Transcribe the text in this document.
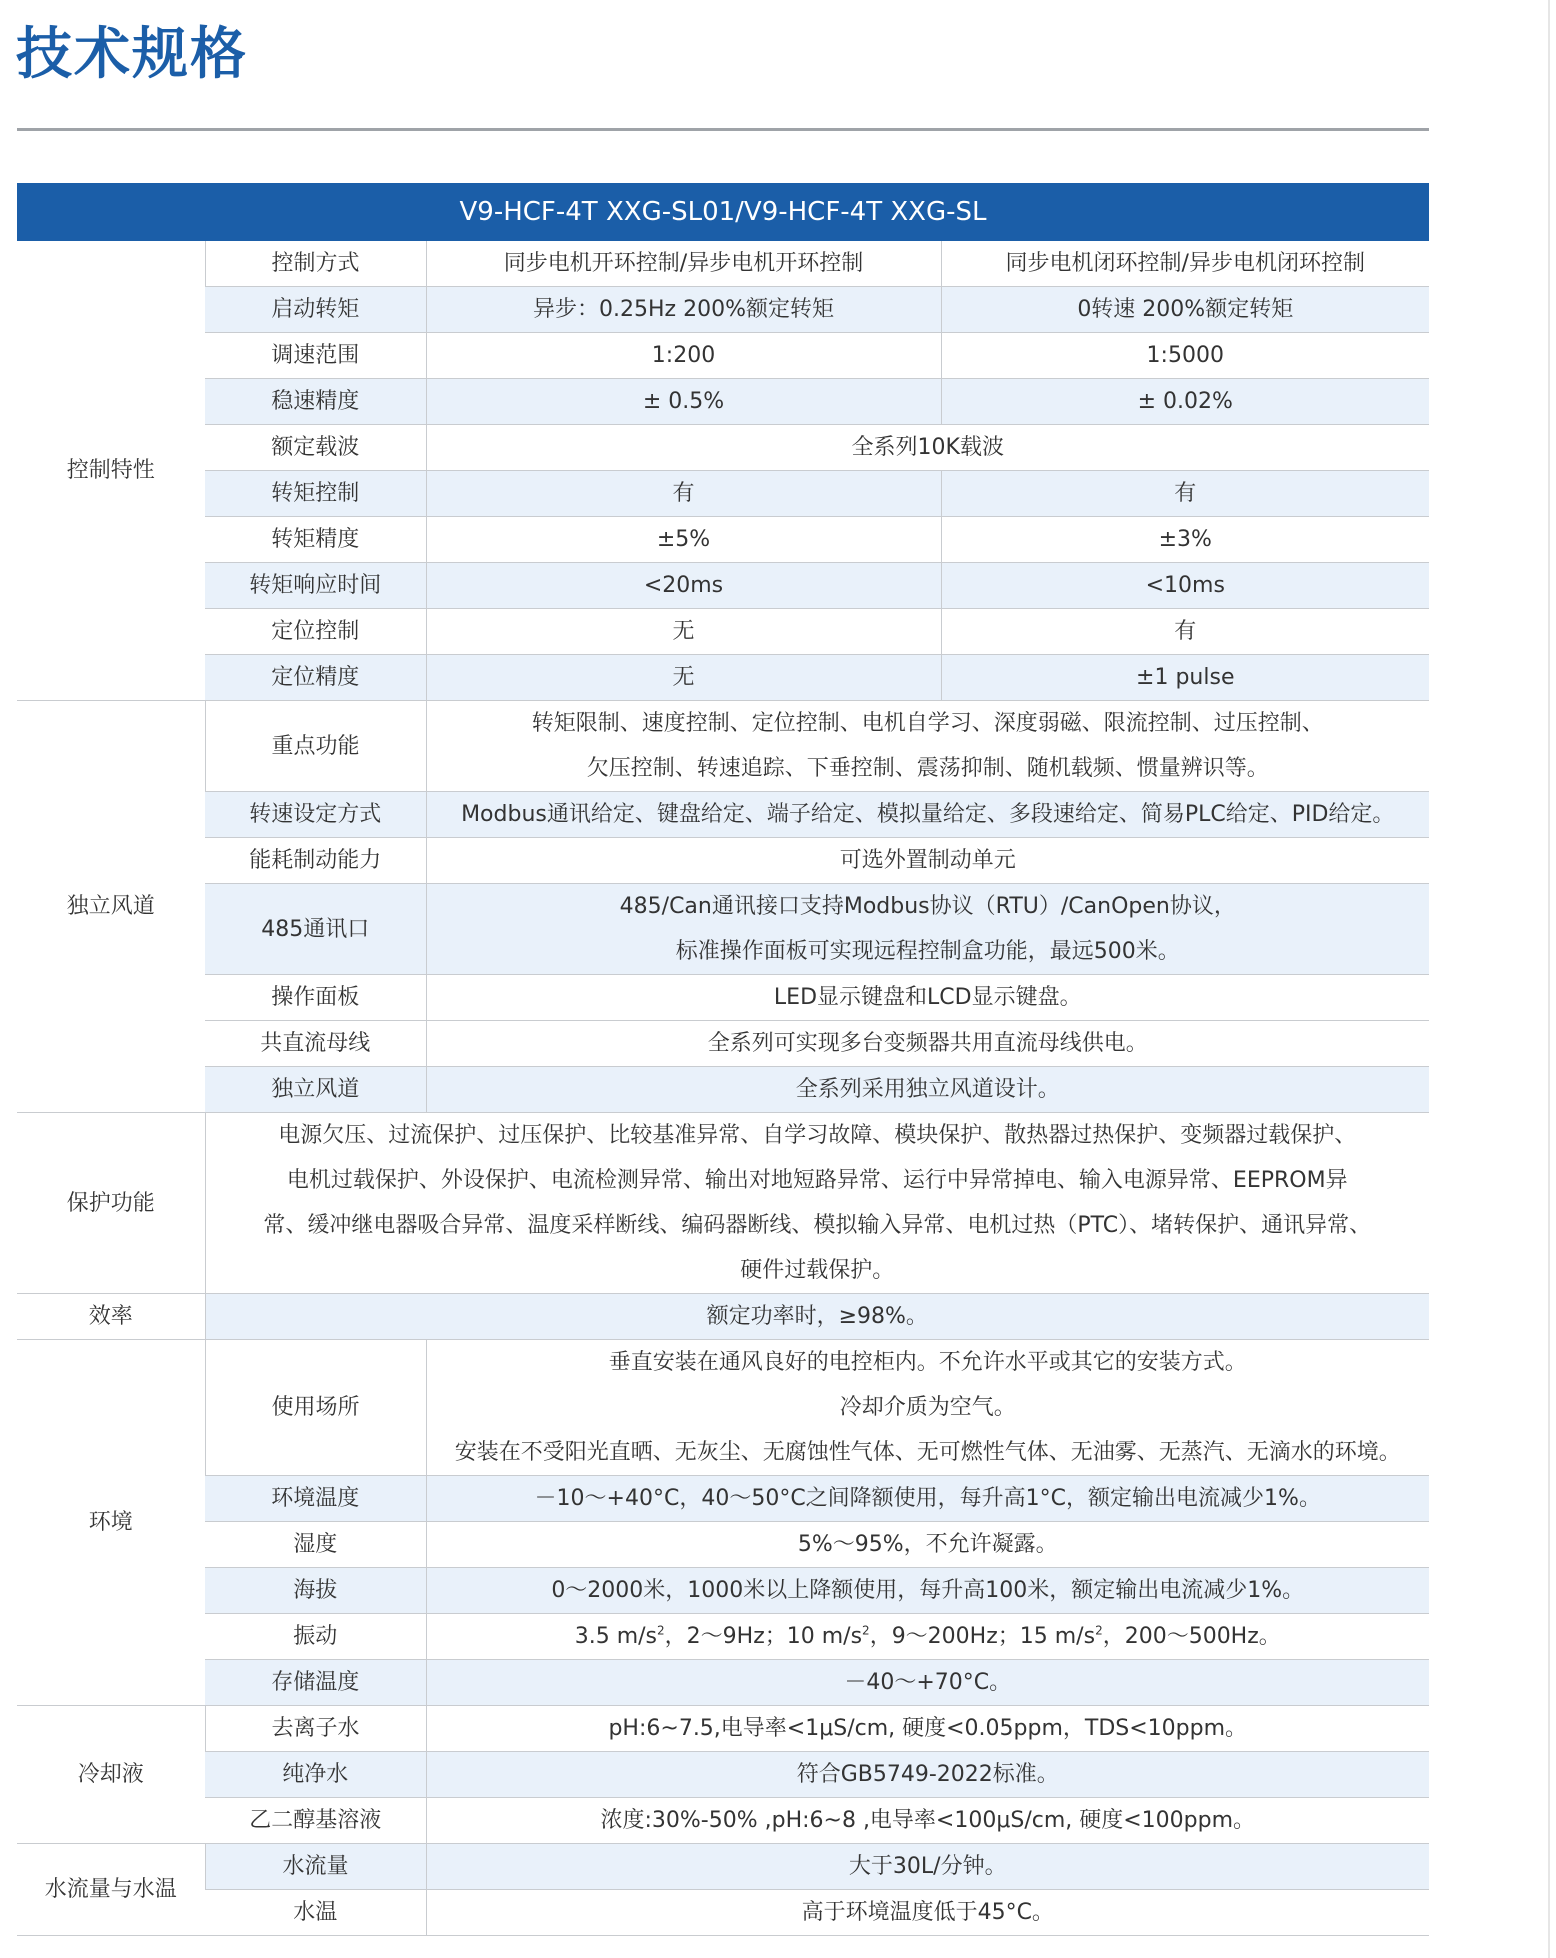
技术规格
V9-HCF-4T XXG-SL01/V9-HCF-4T XXG-SL			
控制特性	控制方式	同步电机开环控制/异步电机开环控制	同步电机闭环控制/异步电机闭环控制
	启动转矩	异步：0.25Hz 200%额定转矩	0转速 200%额定转矩
	调速范围	1:200	1:5000
	稳速精度	± 0.5%	± 0.02%
	额定载波	全系列10K载波	
	转矩控制	有	有
	转矩精度	±5%	±3%
	转矩响应时间	<20ms	<10ms
	定位控制	无	有
	定位精度	无	±1 pulse
独立风道	重点功能	转矩限制、速度控制、定位控制、电机自学习、深度弱磁、限流控制、过压控制、
欠压控制、转速追踪、下垂控制、震荡抑制、随机载频、惯量辨识等。	

	转速设定方式	Modbus通讯给定、键盘给定、端子给定、模拟量给定、多段速给定、简易PLC给定、PID给定。	
	能耗制动能力	可选外置制动单元	
	485通讯口	485/Can通讯接口支持Modbus协议（RTU）/CanOpen协议，
标准操作面板可实现远程控制盒功能，最远500米。	

	操作面板	LED显示键盘和LCD显示键盘。	
	共直流母线	全系列可实现多台变频器共用直流母线供电。	
	独立风道	全系列采用独立风道设计。	
保护功能	电源欠压、过流保护、过压保护、比较基准异常、自学习故障、模块保护、散热器过热保护、变频器过载保护、
电机过载保护、外设保护、电流检测异常、输出对地短路异常、运行中异常掉电、输入电源异常、EEPROM异
常、缓冲继电器吸合异常、温度采样断线、编码器断线、模拟输入异常、电机过热（PTC）、堵转保护、通讯异常、
硬件过载保护。		

效率	额定功率时，≥98%。		
环境	使用场所	垂直安装在通风良好的电控柜内。不允许水平或其它的安装方式。
冷却介质为空气。
安装在不受阳光直晒、无灰尘、无腐蚀性气体、无可燃性气体、无油雾、无蒸汽、无滴水的环境。	

	环境温度	－10～+40°C，40～50°C之间降额使用，每升高1°C，额定输出电流减少1%。	
	湿度	5%～95%，不允许凝露。	
	海拔	0～2000米，1000米以上降额使用，每升高100米，额定输出电流减少1%。	
	振动	3.5 $m/s^2$，2～9Hz；10 $m/s^2$，9～200Hz；15 $m/s^2$，200～500Hz。	
	存储温度	－40～+70°C。	
冷却液	去离子水	pH:6~7.5,电导率<1μS/cm, 硬度<0.05ppm，TDS<10ppm。	
	纯净水	符合GB5749-2022标准。	
	乙二醇基溶液	浓度:30%-50% ,pH:6~8 ,电导率<100μS/cm, 硬度<100ppm。	
水流量与水温	水流量	大于30L/分钟。	
	水温	高于环境温度低于45°C。	
